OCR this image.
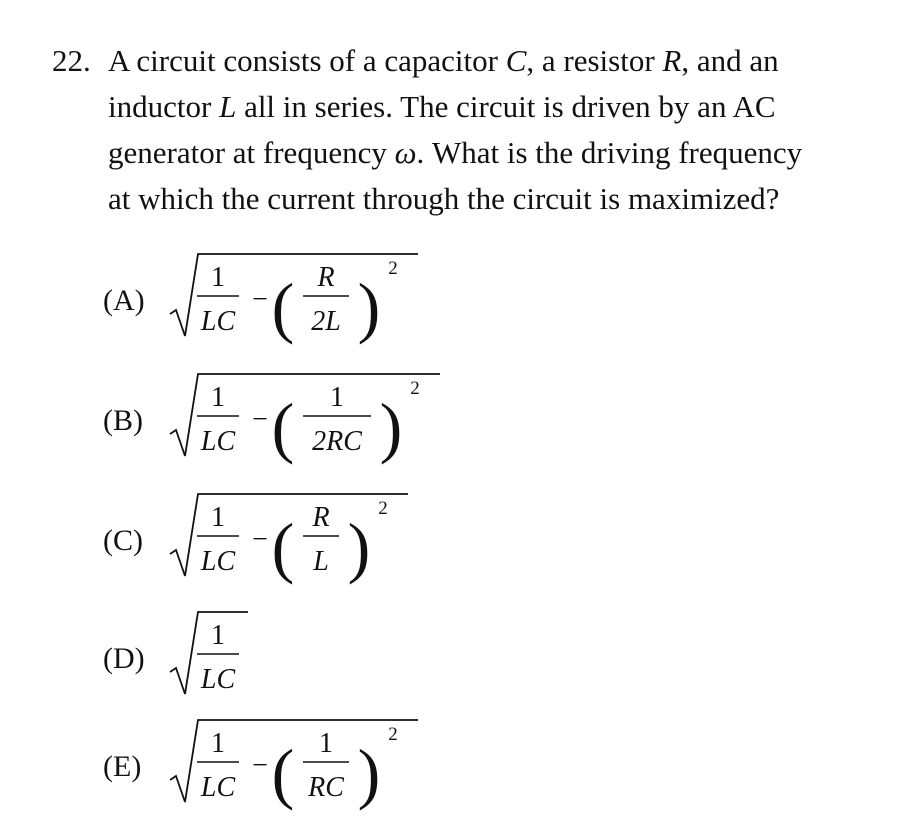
22. A circuit consists of a capacitor C, a resistor R, and an

inductor L all in series. The circuit is driven by an AC

generator at frequency ω. What is the driving frequency

at which the current through the circuit is maximized?

(A)
1
LC
− ( R
2L )
2
(B)
1
LC
− ( 1
2RC )
2
(C)
1
LC
− ( R
L )
2
(D)
1
LC
(E)
1
LC
− ( 1
RC )
2
